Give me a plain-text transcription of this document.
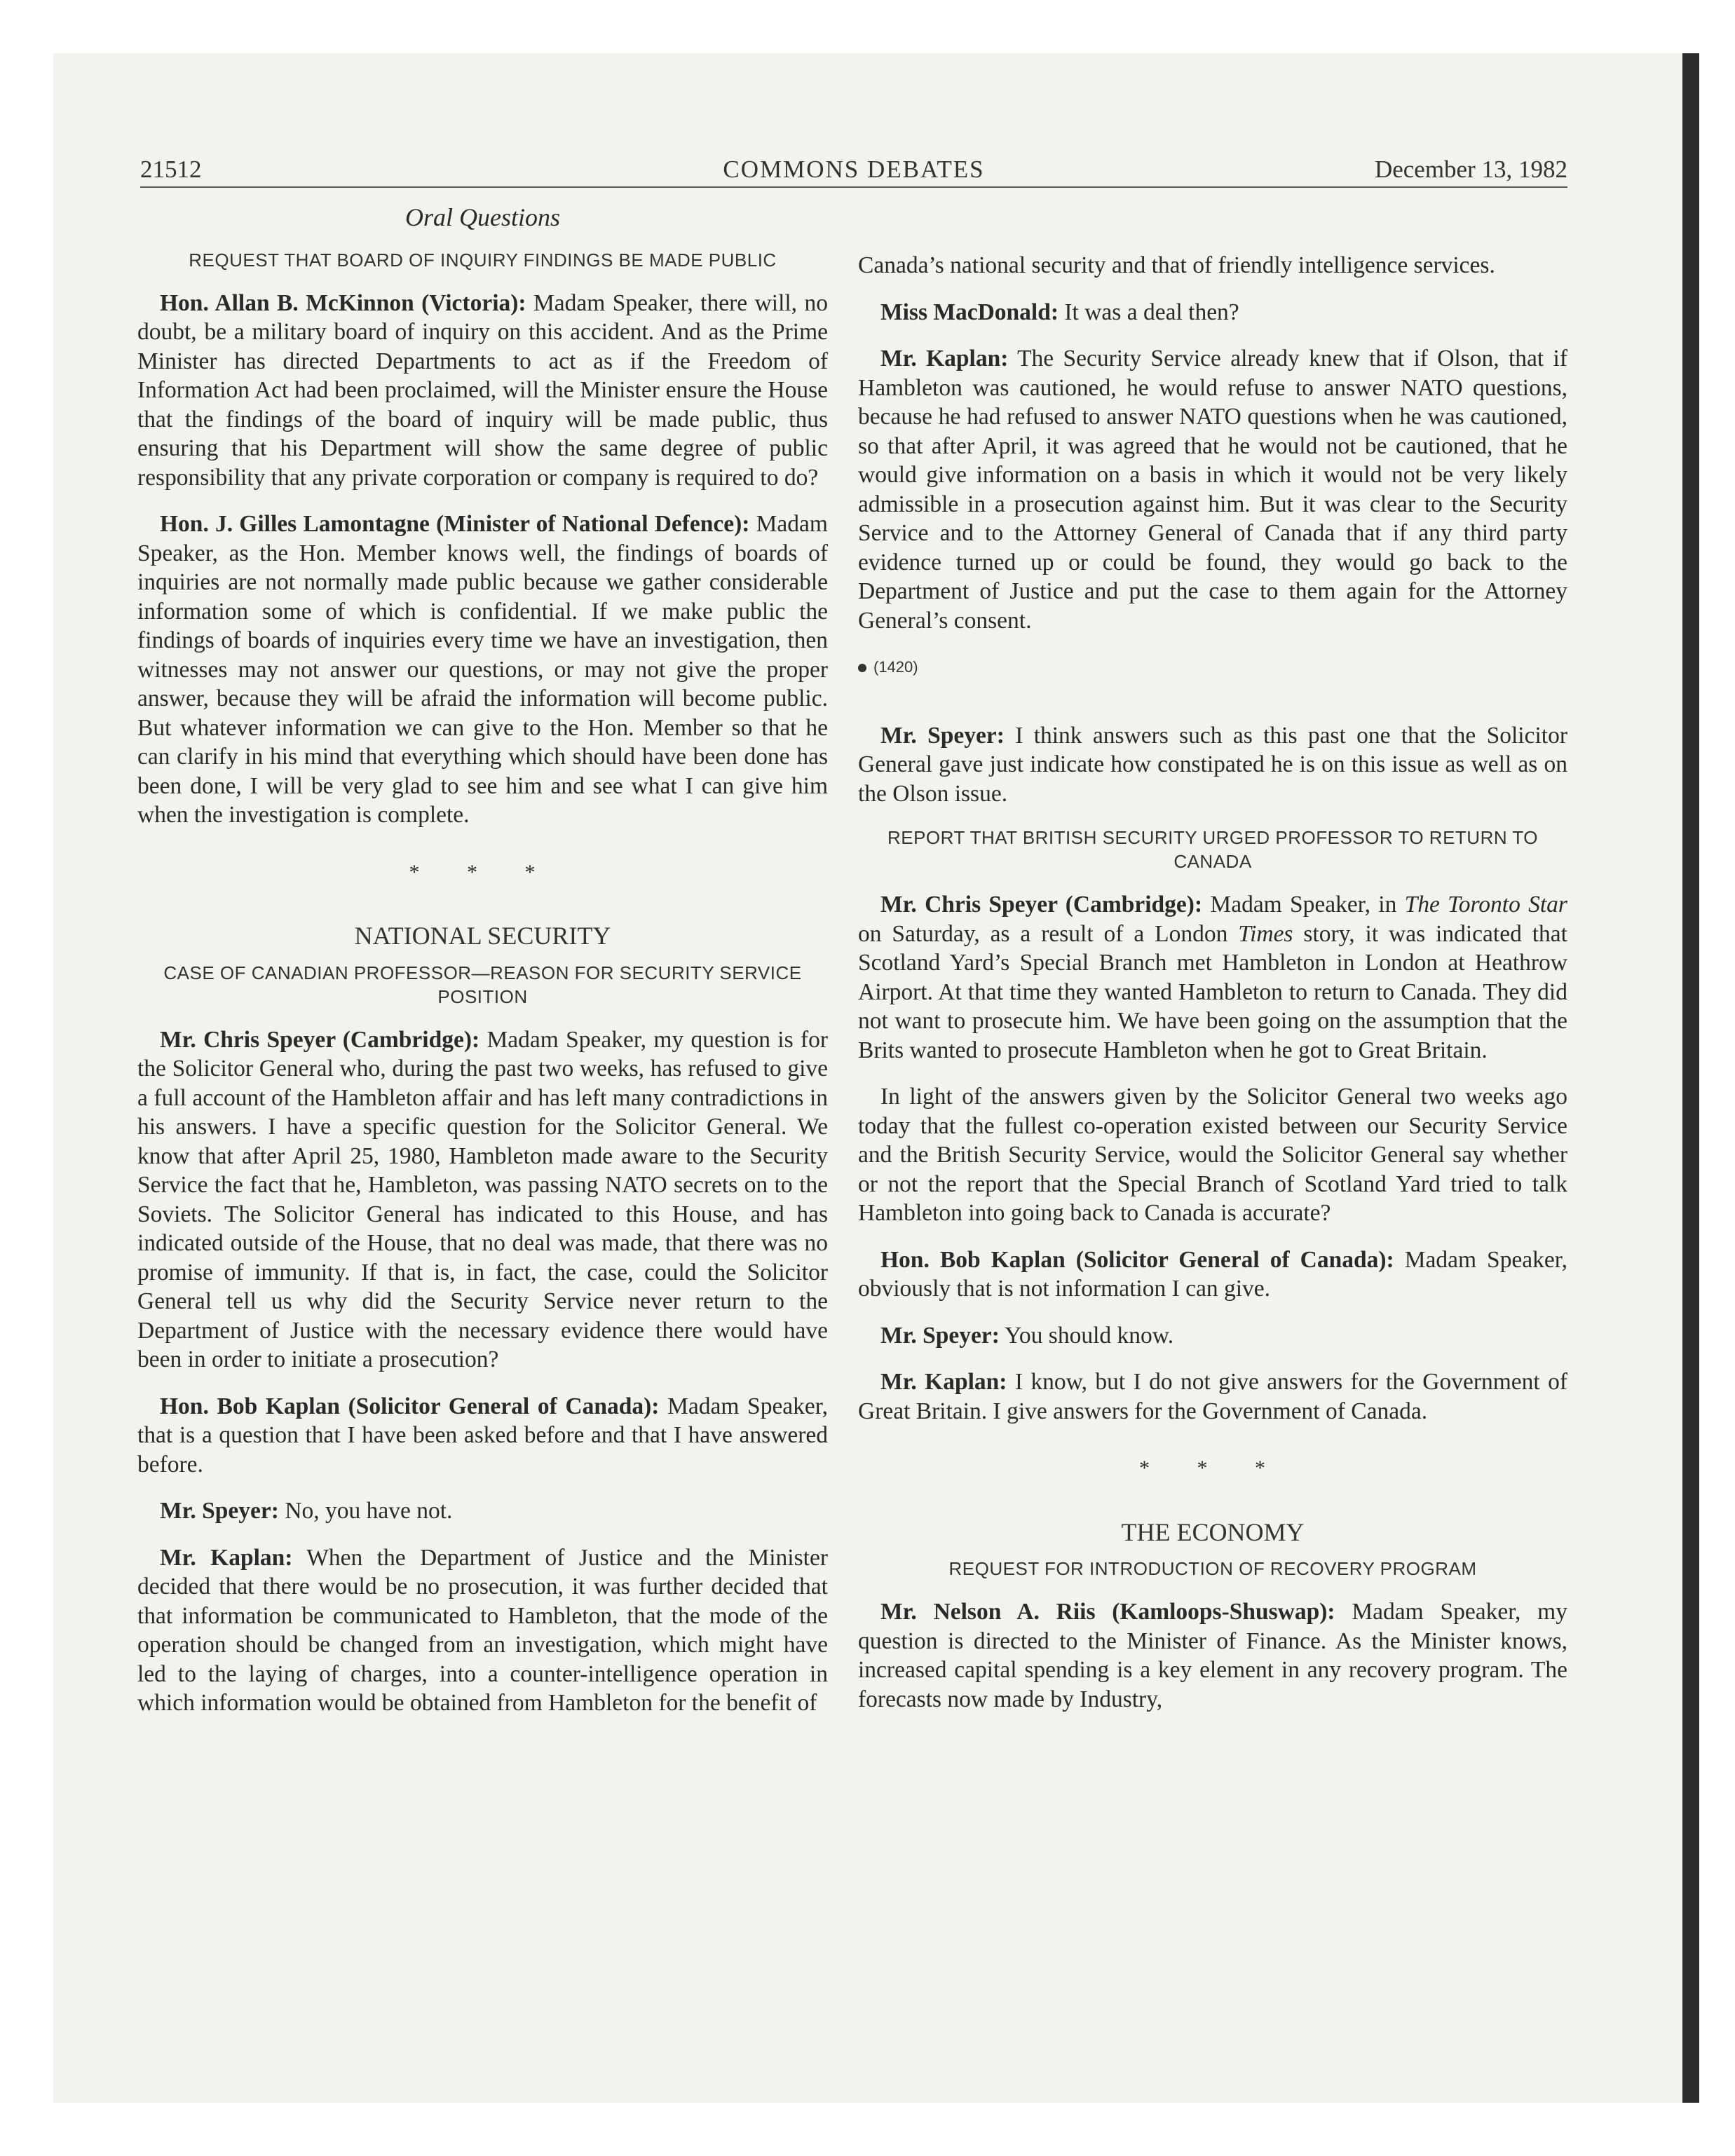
21512	COMMONS DEBATES	December 13, 1982
Oral Questions
REQUEST THAT BOARD OF INQUIRY FINDINGS BE MADE PUBLIC

Hon. Allan B. McKinnon (Victoria): Madam Speaker, there will, no doubt, be a military board of inquiry on this accident. And as the Prime Minister has directed Departments to act as if the Freedom of Information Act had been proclaimed, will the Minister ensure the House that the findings of the board of inquiry will be made public, thus ensuring that his Department will show the same degree of public responsibility that any private corporation or company is required to do?

Hon. J. Gilles Lamontagne (Minister of National Defence): Madam Speaker, as the Hon. Member knows well, the findings of boards of inquiries are not normally made public because we gather considerable information some of which is confidential. If we make public the findings of boards of inquiries every time we have an investigation, then witnesses may not answer our questions, or may not give the proper answer, because they will be afraid the information will become public. But whatever information we can give to the Hon. Member so that he can clarify in his mind that everything which should have been done has been done, I will be very glad to see him and see what I can give him when the investigation is complete.

* * *
NATIONAL SECURITY
CASE OF CANADIAN PROFESSOR—REASON FOR SECURITY SERVICE POSITION

Mr. Chris Speyer (Cambridge): Madam Speaker, my question is for the Solicitor General who, during the past two weeks, has refused to give a full account of the Hambleton affair and has left many contradictions in his answers. I have a specific question for the Solicitor General. We know that after April 25, 1980, Hambleton made aware to the Security Service the fact that he, Hambleton, was passing NATO secrets on to the Soviets. The Solicitor General has indicated to this House, and has indicated outside of the House, that no deal was made, that there was no promise of immunity. If that is, in fact, the case, could the Solicitor General tell us why did the Security Service never return to the Department of Justice with the necessary evidence there would have been in order to initiate a prosecution?

Hon. Bob Kaplan (Solicitor General of Canada): Madam Speaker, that is a question that I have been asked before and that I have answered before.

Mr. Speyer: No, you have not.

Mr. Kaplan: When the Department of Justice and the Minister decided that there would be no prosecution, it was further decided that that information be communicated to Hambleton, that the mode of the operation should be changed from an investigation, which might have led to the laying of charges, into a counter-intelligence operation in which information would be obtained from Hambleton for the benefit of

Canada’s national security and that of friendly intelligence services.

Miss MacDonald: It was a deal then?

Mr. Kaplan: The Security Service already knew that if Olson, that if Hambleton was cautioned, he would refuse to answer NATO questions, because he had refused to answer NATO questions when he was cautioned, so that after April, it was agreed that he would not be cautioned, that he would give information on a basis in which it would not be very likely admissible in a prosecution against him. But it was clear to the Security Service and to the Attorney General of Canada that if any third party evidence turned up or could be found, they would go back to the Department of Justice and put the case to them again for the Attorney General’s consent.

(1420)

Mr. Speyer: I think answers such as this past one that the Solicitor General gave just indicate how constipated he is on this issue as well as on the Olson issue.

REPORT THAT BRITISH SECURITY URGED PROFESSOR TO RETURN TO CANADA

Mr. Chris Speyer (Cambridge): Madam Speaker, in The Toronto Star on Saturday, as a result of a London Times story, it was indicated that Scotland Yard’s Special Branch met Hambleton in London at Heathrow Airport. At that time they wanted Hambleton to return to Canada. They did not want to prosecute him. We have been going on the assumption that the Brits wanted to prosecute Hambleton when he got to Great Britain.

In light of the answers given by the Solicitor General two weeks ago today that the fullest co-operation existed between our Security Service and the British Security Service, would the Solicitor General say whether or not the report that the Special Branch of Scotland Yard tried to talk Hambleton into going back to Canada is accurate?

Hon. Bob Kaplan (Solicitor General of Canada): Madam Speaker, obviously that is not information I can give.

Mr. Speyer: You should know.

Mr. Kaplan: I know, but I do not give answers for the Government of Great Britain. I give answers for the Government of Canada.

* * *
THE ECONOMY
REQUEST FOR INTRODUCTION OF RECOVERY PROGRAM

Mr. Nelson A. Riis (Kamloops-Shuswap): Madam Speaker, my question is directed to the Minister of Finance. As the Minister knows, increased capital spending is a key element in any recovery program. The forecasts now made by Industry,
